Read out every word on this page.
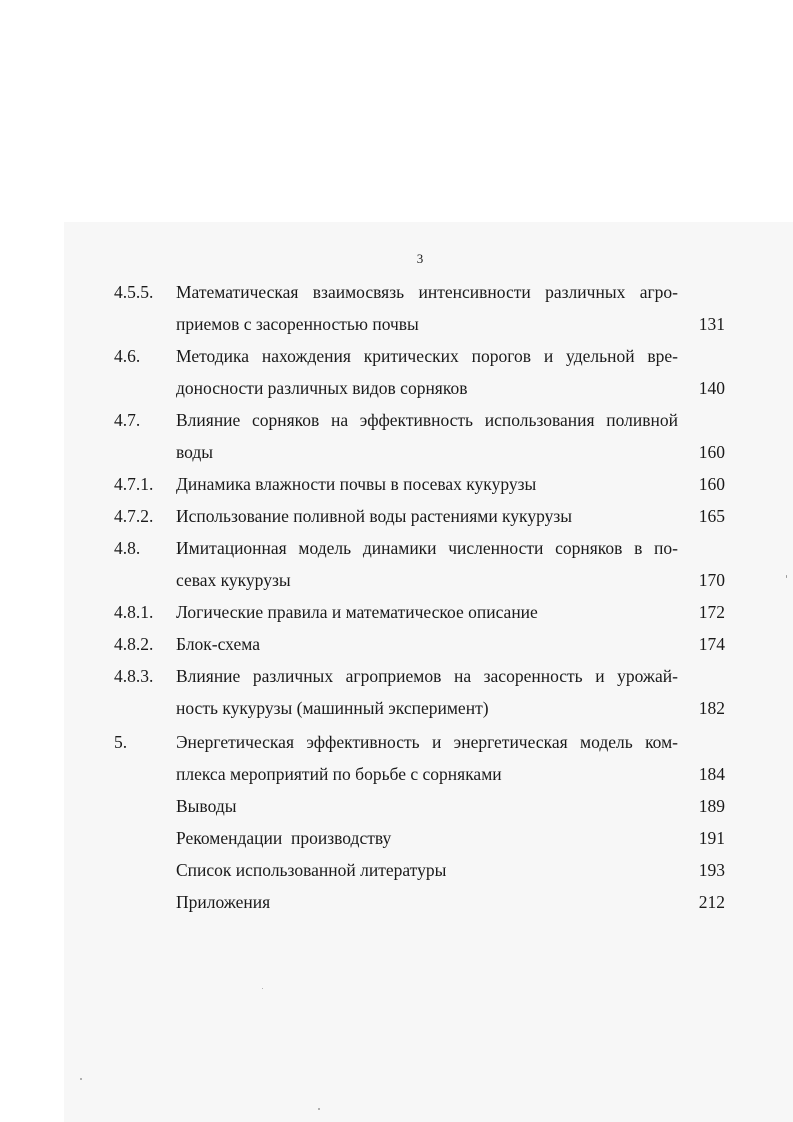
3
4.5.5. Математическая взаимосвязь интенсивности различных агро-
приемов с засоренностью почвы	131
4.6. Методика нахождения критических порогов и удельной вре-
доносности различных видов сорняков	140
4.7. Влияние сорняков на эффективность использования поливной
воды	160
4.7.1. Динамика влажности почвы в посевах кукурузы	160
4.7.2. Использование поливной воды растениями кукурузы	165
4.8. Имитационная модель динамики численности сорняков в по-
севах кукурузы	170
4.8.1. Логические правила и математическое описание	172
4.8.2. Блок-схема	174
4.8.3. Влияние различных агроприемов на засоренность и урожай-
ность кукурузы (машинный эксперимент)	182
5.	Энергетическая эффективность и энергетическая модель ком-
плекса мероприятий по борьбе с сорняками	184
Выводы	189
Рекомендации  производству	191
Список использованной литературы	193
Приложения	212
